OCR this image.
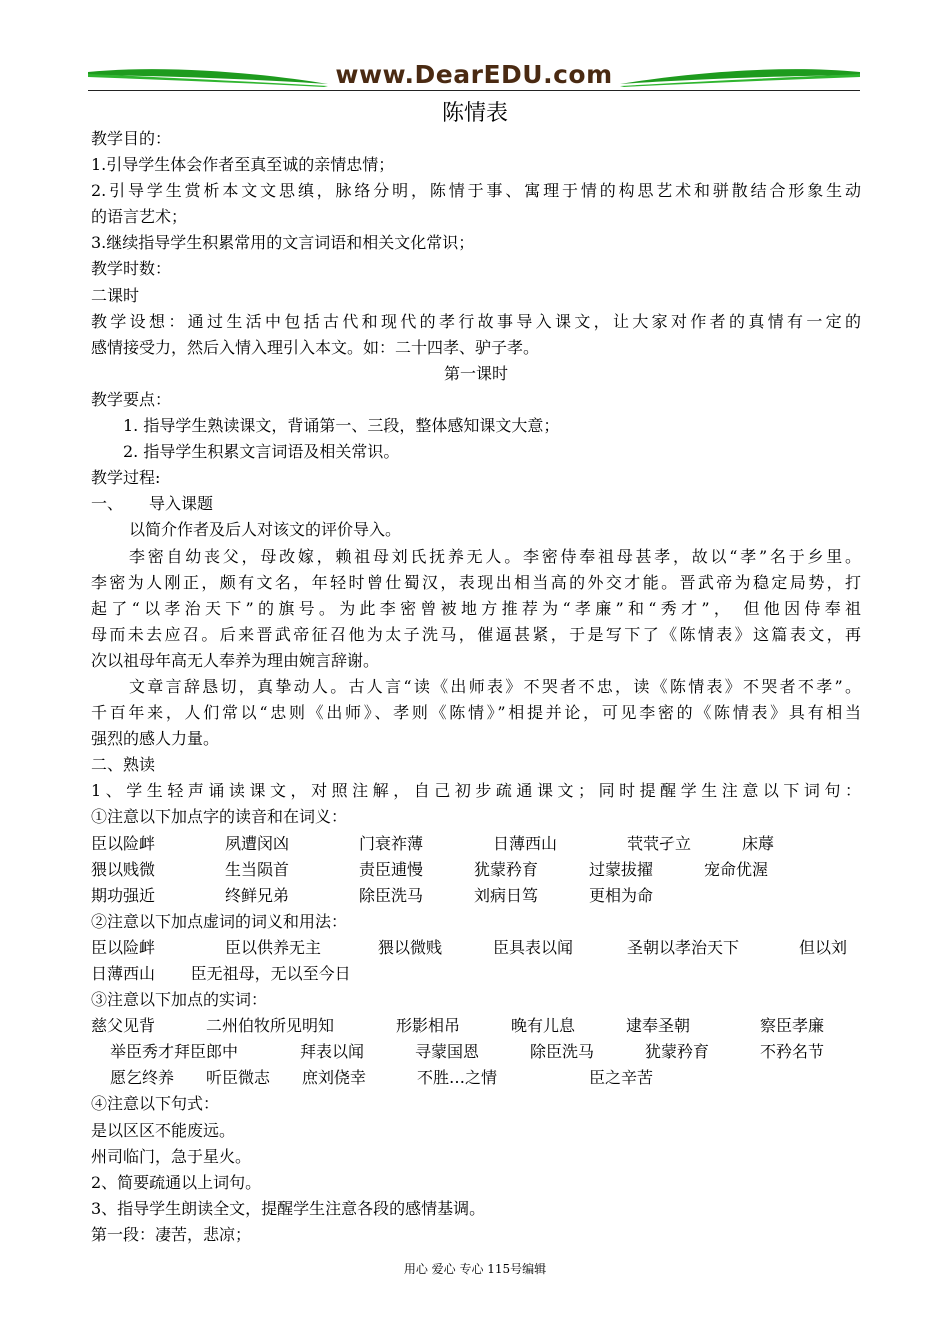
www.DearEDU.com
陈情表
教学目的：
1.引导学生体会作者至真至诚的亲情忠情；
2.引导学生赏析本文文思缜，脉络分明，陈情于事、寓理于情的构思艺术和骈散结合形象生动
的语言艺术；
3.继续指导学生积累常用的文言词语和相关文化常识；
教学时数：
二课时
教学设想：通过生活中包括古代和现代的孝行故事导入课文，让大家对作者的真情有一定的
感情接受力，然后入情入理引入本文。如：二十四孝、驴子孝。
第一课时
教学要点：
1. 指导学生熟读课文，背诵第一、三段，整体感知课文大意；
2. 指导学生积累文言词语及相关常识。
教学过程:
一、 导入课题
以简介作者及后人对该文的评价导入。
李密自幼丧父，母改嫁，赖祖母刘氏抚养无人。李密侍奉祖母甚孝，故以“孝”名于乡里。
李密为人刚正，颇有文名，年轻时曾仕蜀汉，表现出相当高的外交才能。晋武帝为稳定局势，打
起了“以孝治天下”的旗号。为此李密曾被地方推荐为“孝廉”和“秀才”， 但他因侍奉祖
母而未去应召。后来晋武帝征召他为太子洗马，催逼甚紧，于是写下了《陈情表》这篇表文，再
次以祖母年高无人奉养为理由婉言辞谢。
文章言辞恳切，真挚动人。古人言“读《出师表》不哭者不忠，读《陈情表》不哭者不孝”。
千百年来，人们常以“忠则《出师》、孝则《陈情》”相提并论，可见李密的《陈情表》具有相当
强烈的感人力量。
二、熟读
1、学生轻声诵读课文，对照注解，自己初步疏通课文；同时提醒学生注意以下词句：
①注意以下加点字的读音和在词义：
臣以险衅	夙遭闵凶	门衰祚薄	日薄西山	茕茕孑立	床蓐
猥以贱微	生当陨首	责臣逋慢	犹蒙矜育	过蒙拔擢	宠命优渥
期功强近	终鲜兄弟	除臣洗马	刘病日笃	更相为命
②注意以下加点虚词的词义和用法：
臣以险衅	臣以供养无主	猥以微贱	臣具表以闻	圣朝以孝治天下	但以刘
日薄西山       臣无祖母，无以至今日
③注意以下加点的实词：
慈父见背	二州伯牧所见明知	形影相吊	晚有儿息	逮奉圣朝	察臣孝廉
举臣秀才拜臣郎中	拜表以闻	寻蒙国恩	除臣洗马	犹蒙矜育	不矜名节
愿乞终养	听臣微志	庶刘侥幸	不胜…之情	臣之辛苦
④注意以下句式：
是以区区不能废远。
州司临门，急于星火。
2、简要疏通以上词句。
3、指导学生朗读全文，提醒学生注意各段的感情基调。
第一段：凄苦，悲凉；
用心 爱心 专心 115号编辑
